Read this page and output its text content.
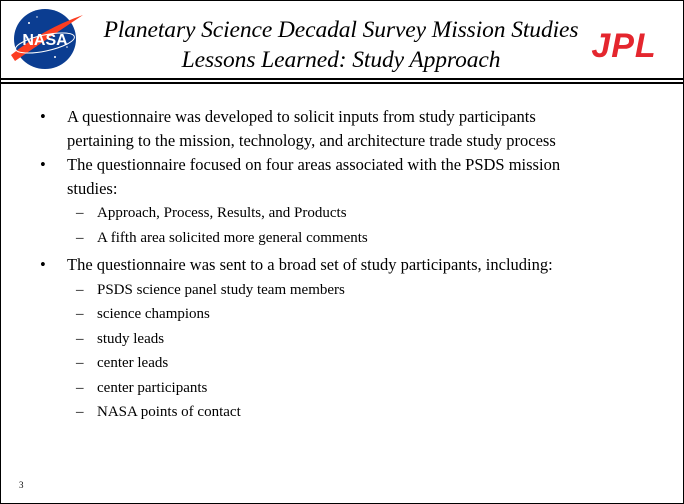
NASA	JPL
Planetary Science Decadal Survey Mission Studies
Lessons Learned: Study Approach
• A questionnaire was developed to solicit inputs from study participants
pertaining to the mission, technology, and architecture trade study process
• The questionnaire focused on four areas associated with the PSDS mission
studies:
– Approach, Process, Results, and Products
– A fifth area solicited more general comments
• The questionnaire was sent to a broad set of study participants, including:
– PSDS science panel study team members
– science champions
– study leads
– center leads
– center participants
– NASA points of contact
3
